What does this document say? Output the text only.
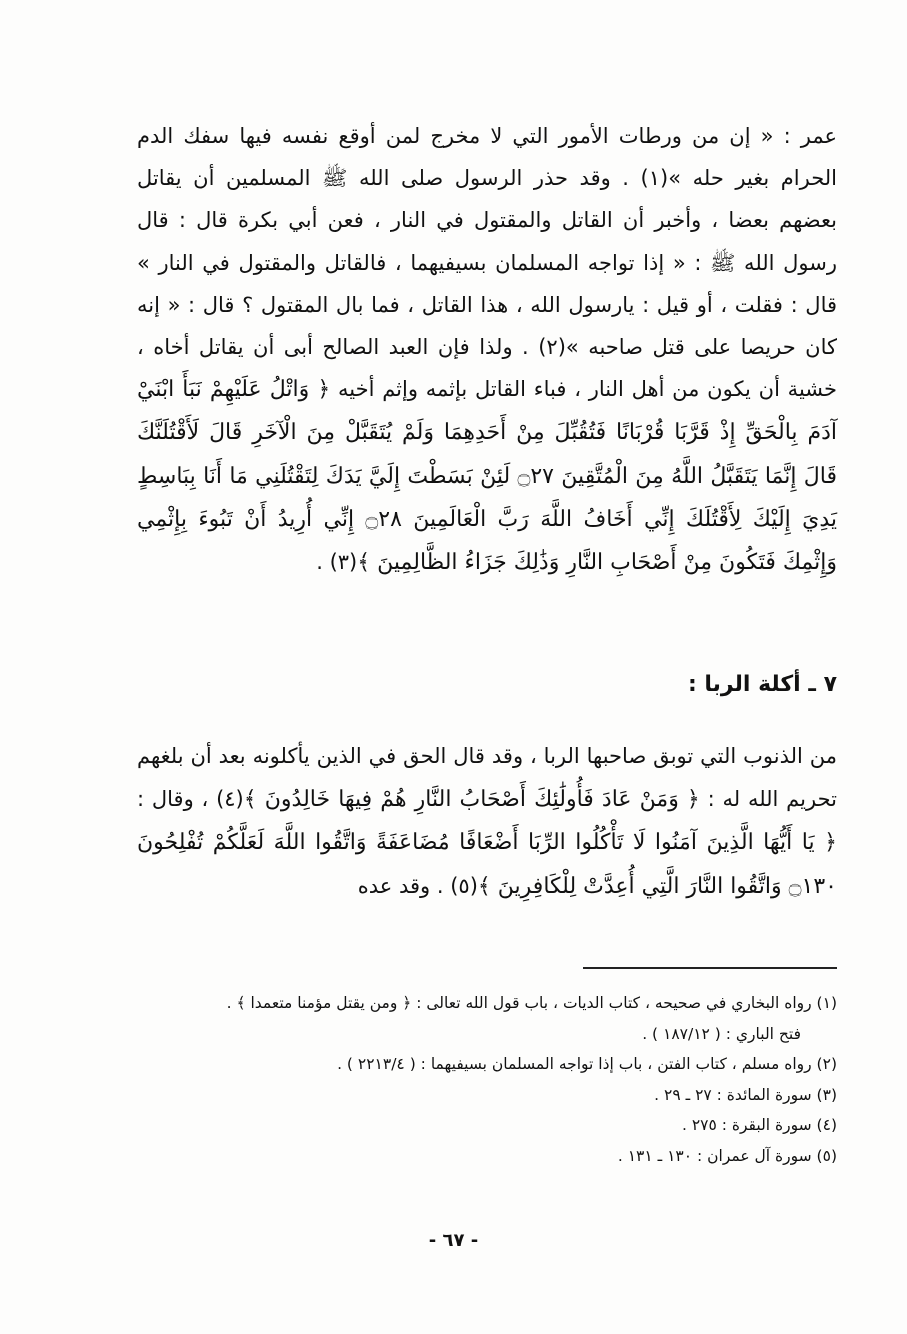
عمر : « إن من ورطات الأمور التي لا مخرج لمن أوقع نفسه فيها سفك الدم الحرام بغير حله »(١) . وقد حذر الرسول صلى الله ﷺ المسلمين أن يقاتل بعضهم بعضا ، وأخبر أن القاتل والمقتول في النار ، فعن أبي بكرة قال : قال رسول الله ﷺ : « إذا تواجه المسلمان بسيفيهما ، فالقاتل والمقتول في النار » قال : فقلت ، أو قيل : يارسول الله ، هذا القاتل ، فما بال المقتول ؟ قال : « إنه كان حريصا على قتل صاحبه »(٢) . ولذا فإن العبد الصالح أبى أن يقاتل أخاه ، خشية أن يكون من أهل النار ، فباء القاتل بإثمه وإثم أخيه ﴿ وَاتْلُ عَلَيْهِمْ نَبَأَ ابْنَيْ آدَمَ بِالْحَقِّ إِذْ قَرَّبَا قُرْبَانًا فَتُقُبِّلَ مِنْ أَحَدِهِمَا وَلَمْ يُتَقَبَّلْ مِنَ الْآخَرِ قَالَ لَأَقْتُلَنَّكَ قَالَ إِنَّمَا يَتَقَبَّلُ اللَّهُ مِنَ الْمُتَّقِينَ ۝٢٧ لَئِنْ بَسَطْتَ إِلَيَّ يَدَكَ لِتَقْتُلَنِي مَا أَنَا بِبَاسِطٍ يَدِيَ إِلَيْكَ لِأَقْتُلَكَ إِنِّي أَخَافُ اللَّهَ رَبَّ الْعَالَمِينَ ۝٢٨ إِنِّي أُرِيدُ أَنْ تَبُوءَ بِإِثْمِي وَإِثْمِكَ فَتَكُونَ مِنْ أَصْحَابِ النَّارِ وَذَٰلِكَ جَزَاءُ الظَّالِمِينَ ﴾(٣) .

٧ ـ أكلة الربا :

من الذنوب التي توبق صاحبها الربا ، وقد قال الحق في الذين يأكلونه بعد أن بلغهم تحريم الله له : ﴿ وَمَنْ عَادَ فَأُولَٰئِكَ أَصْحَابُ النَّارِ هُمْ فِيهَا خَالِدُونَ ﴾(٤) ، وقال : ﴿ يَا أَيُّهَا الَّذِينَ آمَنُوا لَا تَأْكُلُوا الرِّبَا أَضْعَافًا مُضَاعَفَةً وَاتَّقُوا اللَّهَ لَعَلَّكُمْ تُفْلِحُونَ ۝١٣٠ وَاتَّقُوا النَّارَ الَّتِي أُعِدَّتْ لِلْكَافِرِينَ ﴾(٥) . وقد عده

(١) رواه البخاري في صحيحه ، كتاب الديات ، باب قول الله تعالى : ﴿ ومن يقتل مؤمنا متعمدا ﴾ .
فتح الباري : ( ١٨٧/١٢ ) .
(٢) رواه مسلم ، كتاب الفتن ، باب إذا تواجه المسلمان بسيفيهما : ( ٢٢١٣/٤ ) .
(٣) سورة المائدة : ٢٧ ـ ٢٩ .
(٤) سورة البقرة : ٢٧٥ .
(٥) سورة آل عمران : ١٣٠ ـ ١٣١ .
- ٦٧ -
